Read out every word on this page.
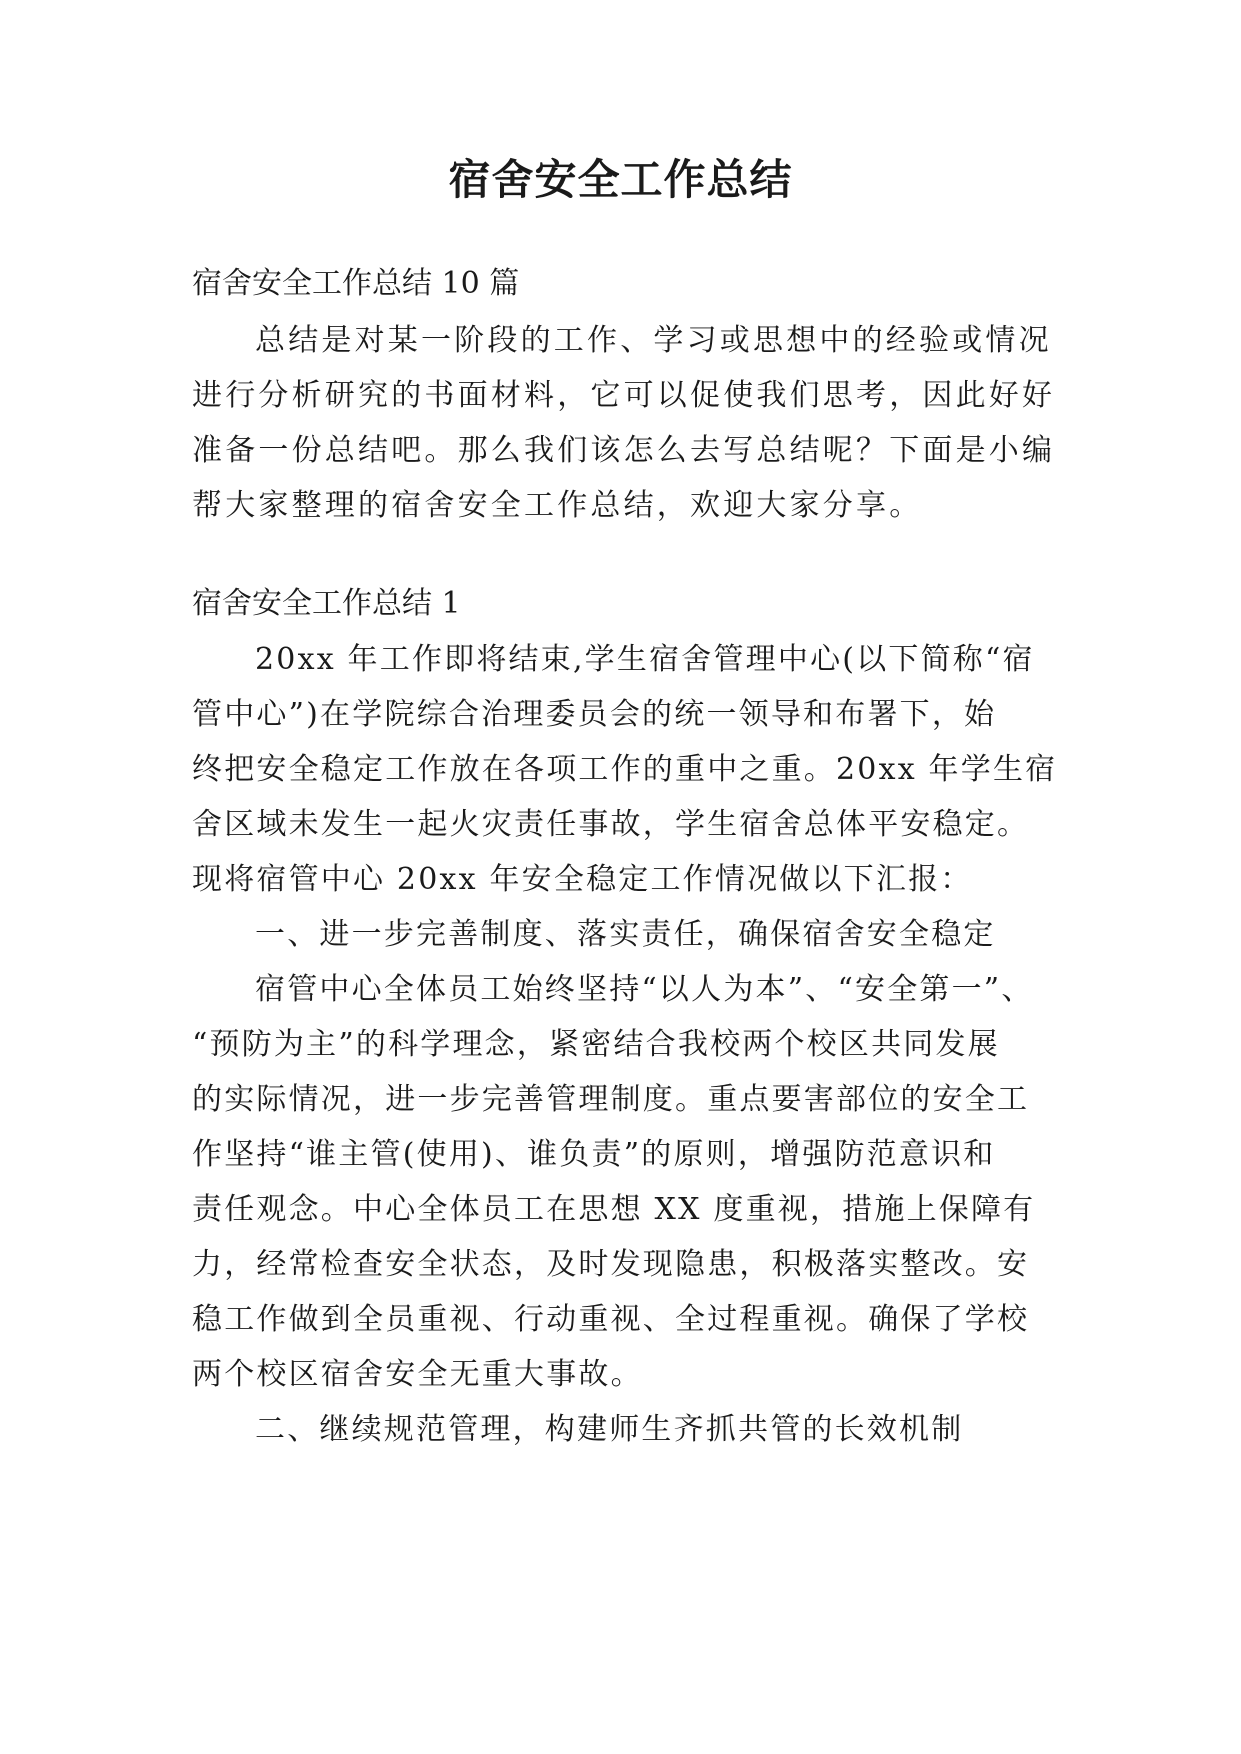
宿舍安全工作总结
宿舍安全工作总结 10 篇
总结是对某一阶段的工作、学习或思想中的经验或情况
进行分析研究的书面材料，它可以促使我们思考，因此好好
准备一份总结吧。那么我们该怎么去写总结呢？下面是小编
帮大家整理的宿舍安全工作总结，欢迎大家分享。
宿舍安全工作总结 1
20xx 年工作即将结束,学生宿舍管理中心(以下简称“宿
管中心”)在学院综合治理委员会的统一领导和布署下，始
终把安全稳定工作放在各项工作的重中之重。20xx 年学生宿
舍区域未发生一起火灾责任事故，学生宿舍总体平安稳定。
现将宿管中心 20xx 年安全稳定工作情况做以下汇报：
一、进一步完善制度、落实责任，确保宿舍安全稳定
宿管中心全体员工始终坚持“以人为本”、“安全第一”、
“预防为主”的科学理念，紧密结合我校两个校区共同发展
的实际情况，进一步完善管理制度。重点要害部位的安全工
作坚持“谁主管(使用)、谁负责”的原则，增强防范意识和
责任观念。中心全体员工在思想 XX 度重视，措施上保障有
力，经常检查安全状态，及时发现隐患，积极落实整改。安
稳工作做到全员重视、行动重视、全过程重视。确保了学校
两个校区宿舍安全无重大事故。
二、继续规范管理，构建师生齐抓共管的长效机制
